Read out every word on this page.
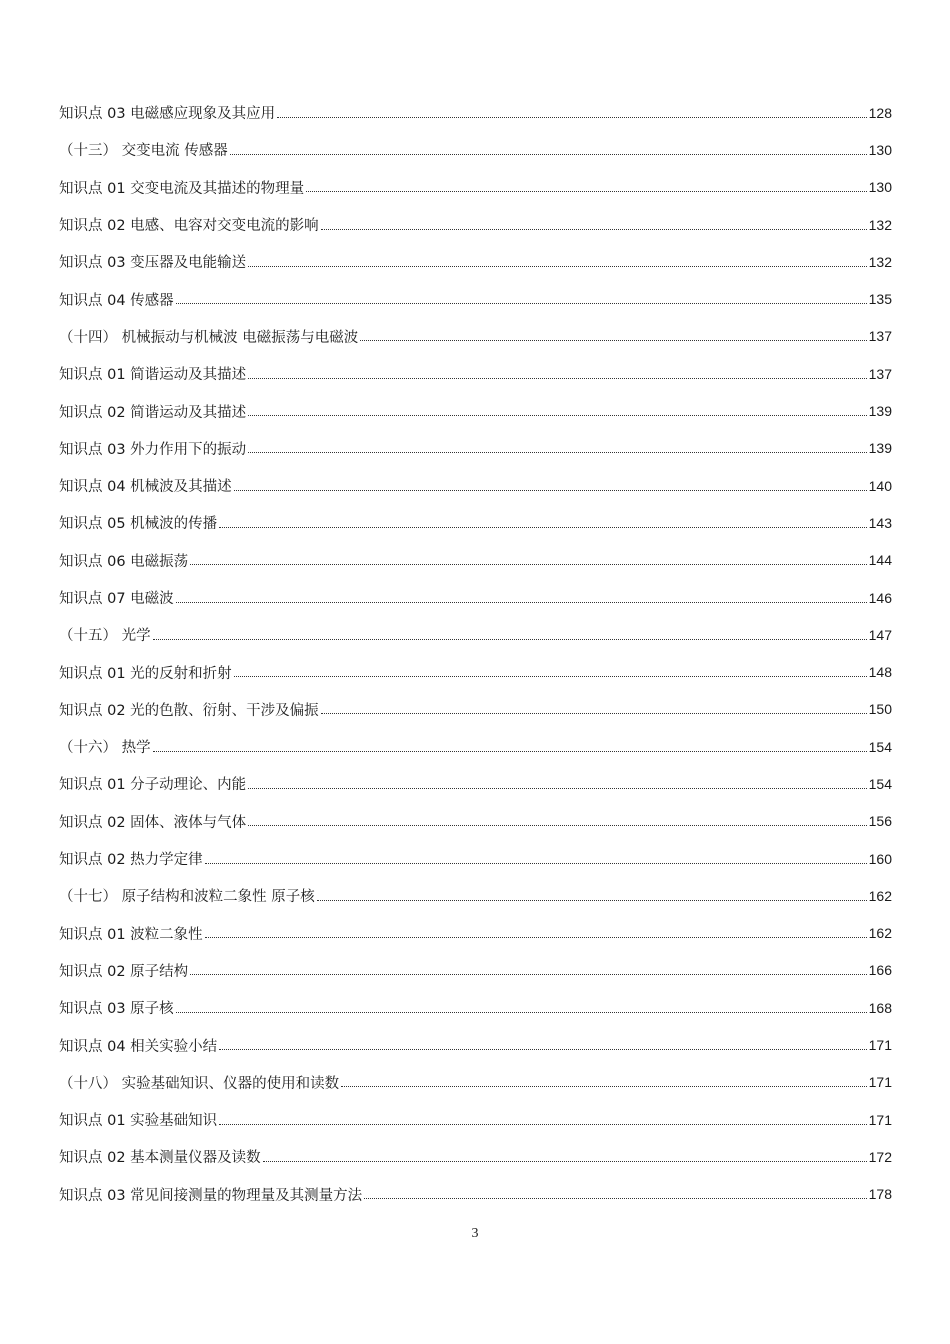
知识点 03 电磁感应现象及其应用	128
（十三） 交变电流 传感器	130
知识点 01 交变电流及其描述的物理量	130
知识点 02 电感、电容对交变电流的影响	132
知识点 03 变压器及电能输送	132
知识点 04 传感器	135
（十四） 机械振动与机械波 电磁振荡与电磁波	137
知识点 01 简谐运动及其描述	137
知识点 02 简谐运动及其描述	139
知识点 03 外力作用下的振动	139
知识点 04 机械波及其描述	140
知识点 05 机械波的传播	143
知识点 06 电磁振荡	144
知识点 07 电磁波	146
（十五） 光学	147
知识点 01 光的反射和折射	148
知识点 02 光的色散、衍射、干涉及偏振	150
（十六） 热学	154
知识点 01 分子动理论、内能	154
知识点 02 固体、液体与气体	156
知识点 02 热力学定律	160
（十七） 原子结构和波粒二象性 原子核	162
知识点 01 波粒二象性	162
知识点 02 原子结构	166
知识点 03 原子核	168
知识点 04 相关实验小结	171
（十八） 实验基础知识、仪器的使用和读数	171
知识点 01 实验基础知识	171
知识点 02 基本测量仪器及读数	172
知识点 03 常见间接测量的物理量及其测量方法	178
3
